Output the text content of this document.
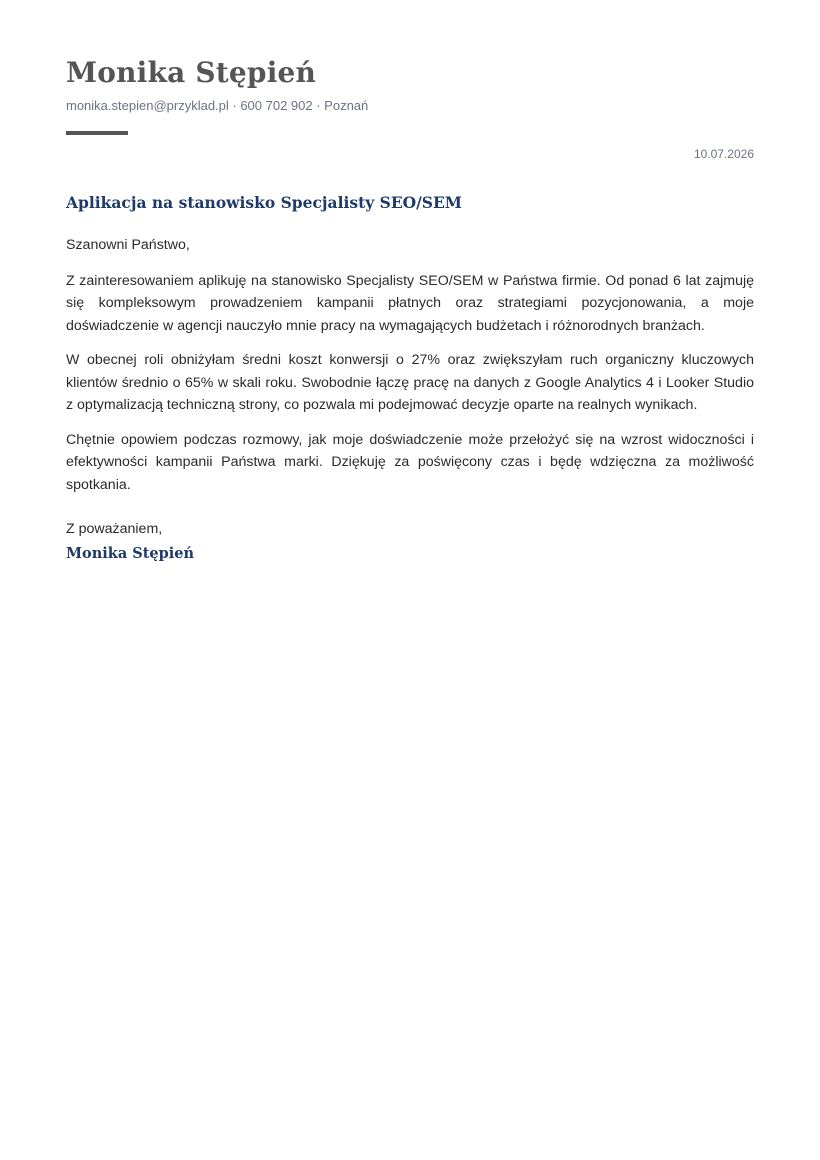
Monika Stępień
monika.stepien@przyklad.pl · 600 702 902 · Poznań
10.07.2026
Aplikacja na stanowisko Specjalisty SEO/SEM

Szanowni Państwo,

Z zainteresowaniem aplikuję na stanowisko Specjalisty SEO/SEM w Państwa firmie. Od ponad 6 lat zajmuję się kompleksowym prowadzeniem kampanii płatnych oraz strategiami pozycjonowania, a moje doświadczenie w agencji nauczyło mnie pracy na wymagających budżetach i różnorodnych branżach.

W obecnej roli obniżyłam średni koszt konwersji o 27% oraz zwiększyłam ruch organiczny kluczowych klientów średnio o 65% w skali roku. Swobodnie łączę pracę na danych z Google Analytics 4 i Looker Studio z optymalizacją techniczną strony, co pozwala mi podejmować decyzje oparte na realnych wynikach.

Chętnie opowiem podczas rozmowy, jak moje doświadczenie może przełożyć się na wzrost widoczności i efektywności kampanii Państwa marki. Dziękuję za poświęcony czas i będę wdzięczna za możliwość spotkania.

Z poważaniem,

Monika Stępień
